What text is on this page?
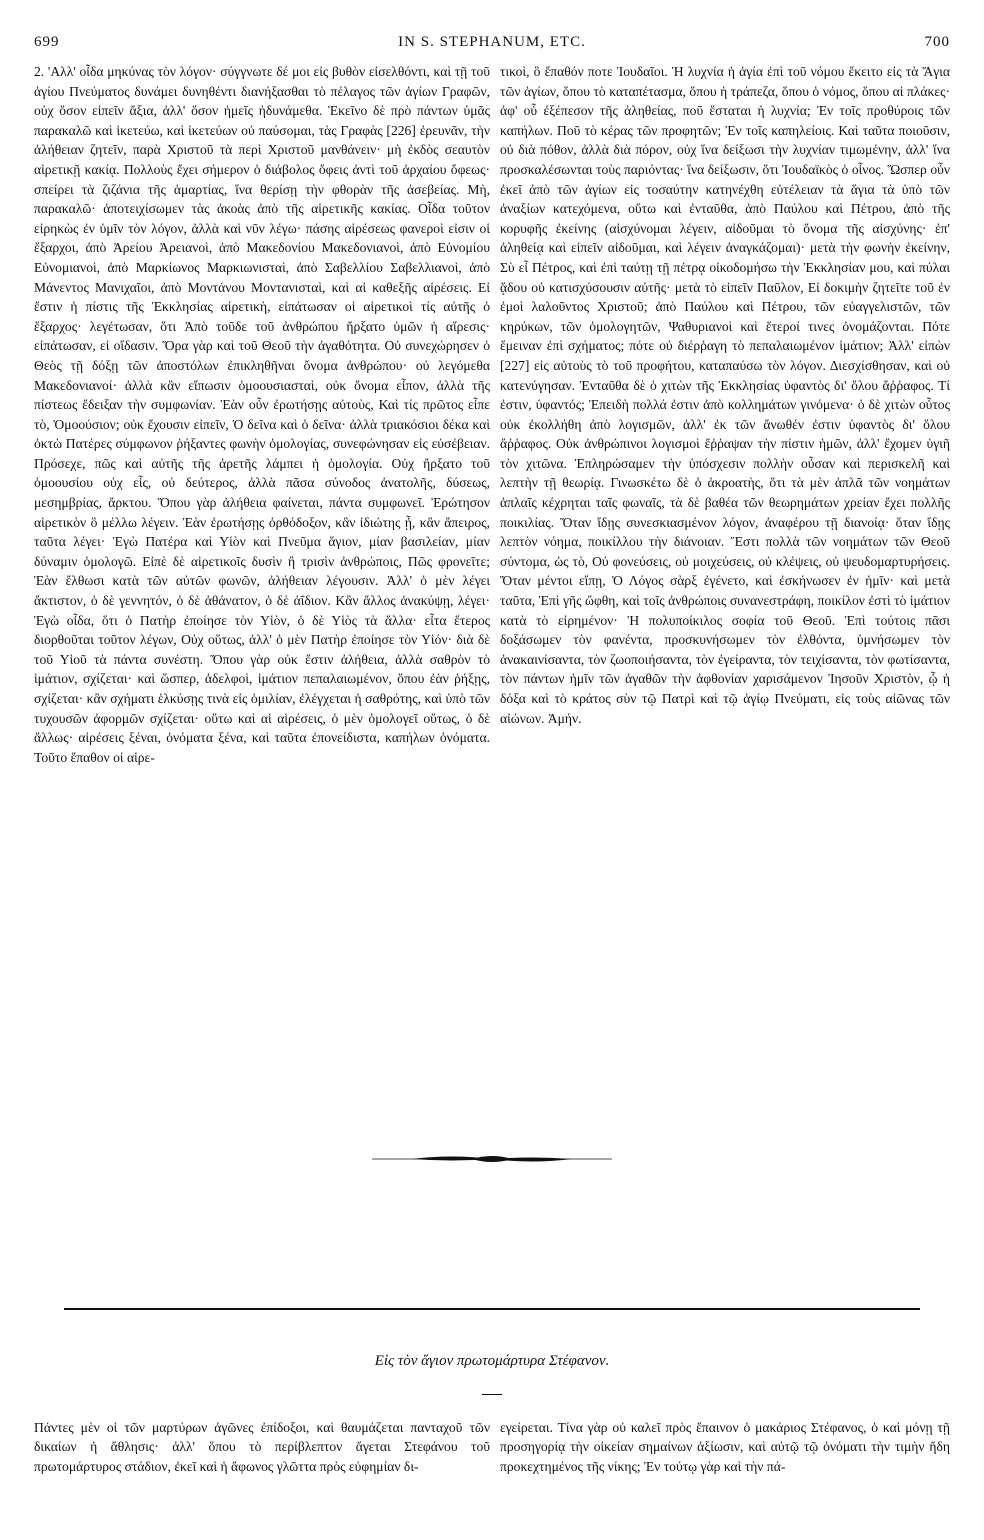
699	IN S. STEPHANUM, ETC.	700

2. 'Αλλ' οἶδα μηκύνας τὸν λόγον· σύγγνωτε δέ μοι εἰς βυθὸν εἰσελθόντι, καὶ τῇ τοῦ ἁγίου Πνεύματος δυνάμει δυνηθέντι διανήξασθαι τὸ πέλαγος τῶν ἁγίων Γραφῶν, οὐχ ὅσον εἰπεῖν ἄξια, ἀλλ' ὅσον ἡμεῖς ἠδυνάμεθα. Ἐκεῖνο δὲ πρὸ πάντων ὑμᾶς παρακαλῶ καὶ ἱκετεύω, καὶ ἱκετεύων οὐ παύσομαι, τὰς Γραφὰς [226] ἐρευνᾶν, τὴν ἀλήθειαν ζητεῖν, παρὰ Χριστοῦ τὰ περὶ Χριστοῦ μανθάνειν· μὴ ἐκδὸς σεαυτὸν αἱρετικῇ κακίᾳ. Πολλοὺς ἔχει σήμερον ὁ διάβολος ὄφεις ἀντὶ τοῦ ἀρχαίου ὄφεως· σπείρει τὰ ζιζάνια τῆς ἁμαρτίας, ἵνα θερίσῃ τὴν φθορὰν τῆς ἀσεβείας. Μὴ, παρακαλῶ· ἀποτειχίσωμεν τὰς ἀκοὰς ἀπὸ τῆς αἱρετικῆς κακίας. Οἶδα τοῦτον εἰρηκὼς ἐν ὑμῖν τὸν λόγον, ἀλλὰ καὶ νῦν λέγω· πάσης αἱρέσεως φανεροὶ εἰσιν οἱ ἔξαρχοι, ἀπὸ Ἀρείου Ἀρειανοὶ, ἀπὸ Μακεδονίου Μακεδονιανοὶ, ἀπὸ Εὐνομίου Εὐνομιανοὶ, ἀπὸ Μαρκίωνος Μαρκιωνισταὶ, ἀπὸ Σαβελλίου Σαβελλιανοὶ, ἀπὸ Μάνεντος Μανιχαῖοι, ἀπὸ Μοντάνου Μοντανισταὶ, καὶ αἱ καθεξῆς αἱρέσεις. Εἰ ἔστιν ἡ πίστις τῆς Ἐκκλησίας αἱρετικὴ, εἰπάτωσαν οἱ αἱρετικοὶ τίς αὐτῆς ὁ ἔξαρχος· λεγέτωσαν, ὅτι Ἀπὸ τοῦδε τοῦ ἀνθρώπου ἤρξατο ὑμῶν ἡ αἵρεσις· εἰπάτωσαν, εἰ οἴδασιν. Ὅρα γὰρ καὶ τοῦ Θεοῦ τὴν ἀγαθότητα. Οὐ συνεχώρησεν ὁ Θεὸς τῇ δόξῃ τῶν ἀποστόλων ἐπικληθῆναι ὄνομα ἀνθρώπου· οὐ λεγόμεθα Μακεδονιανοί· ἀλλὰ κἂν εἴπωσιν ὁμοουσιασταὶ, οὐκ ὄνομα εἶπον, ἀλλὰ τῆς πίστεως ἔδειξαν τὴν συμφωνίαν. Ἐὰν οὖν ἐρωτήσῃς αὐτοὺς, Καὶ τίς πρῶτος εἶπε τὸ, Ὁμοούσιον; οὐκ ἔχουσιν εἰπεῖν, Ὁ δεῖνα καὶ ὁ δεῖνα· ἀλλὰ τριακόσιοι δέκα καὶ ὀκτὼ Πατέρες σύμφωνον ῥήξαντες φωνὴν ὁμολογίας, συνεφώνησαν εἰς εὐσέβειαν. Πρόσεχε, πῶς καὶ αὐτῆς τῆς ἀρετῆς λάμπει ἡ ὁμολογία. Οὐχ ἤρξατο τοῦ ὁμοουσίου οὐχ εἷς, οὐ δεύτερος, ἀλλὰ πᾶσα σύνοδος ἀνατολῆς, δύσεως, μεσημβρίας, ἄρκτου. Ὅπου γὰρ ἀλήθεια φαίνεται, πάντα συμφωνεῖ. Ἐρώτησον αἱρετικὸν ὃ μέλλω λέγειν. Ἐὰν ἐρωτήσῃς ὀρθόδοξον, κἂν ἰδιώτης ᾖ, κἂν ἄπειρος, ταῦτα λέγει· Ἐγὼ Πατέρα καὶ Υἱὸν καὶ Πνεῦμα ἅγιον, μίαν βασιλείαν, μίαν δύναμιν ὁμολογῶ. Εἰπὲ δὲ αἱρετικοῖς δυσὶν ἢ τρισὶν ἀνθρώποις, Πῶς φρονεῖτε; Ἐὰν ἔλθωσι κατὰ τῶν αὐτῶν φωνῶν, ἀλήθειαν λέγουσιν. Ἀλλ' ὁ μὲν λέγει ἄκτιστον, ὁ δὲ γεννητόν, ὁ δὲ ἀθάνατον, ὁ δὲ ἀΐδιον. Κἂν ἄλλος ἀνακύψῃ, λέγει· Ἐγὼ οἶδα, ὅτι ὁ Πατὴρ ἐποίησε τὸν Υἱὸν, ὁ δὲ Υἱὸς τὰ ἄλλα· εἶτα ἕτερος διορθοῦται τοῦτον λέγων, Οὐχ οὕτως, ἀλλ' ὁ μὲν Πατὴρ ἐποίησε τὸν Υἱόν· διὰ δὲ τοῦ Υἱοῦ τὰ πάντα συνέστη. Ὅπου γὰρ οὐκ ἔστιν ἀλήθεια, ἀλλὰ σαθρὸν τὸ ἱμάτιον, σχίζεται· καὶ ὥσπερ, ἀδελφοὶ, ἱμάτιον πεπαλαιωμένον, ὅπου ἐὰν ῥήξῃς, σχίζεται· κἂν σχήματι ἑλκύσῃς τινὰ εἰς ὁμιλίαν, ἐλέγχεται ἡ σαθρότης, καὶ ὑπὸ τῶν τυχουσῶν ἀφορμῶν σχίζεται· οὕτω καὶ αἱ αἱρέσεις, ὁ μὲν ὁμολογεῖ οὕτως, ὁ δὲ ἄλλως· αἱρέσεις ξέναι, ὀνόματα ξένα, καὶ ταῦτα ἐπονείδιστα, καπήλων ὀνόματα. Τοῦτο ἔπαθον οἱ αἱρε-

τικοὶ, ὃ ἔπαθόν ποτε Ἰουδαῖοι. Ἡ λυχνία ἡ ἁγία ἐπὶ τοῦ νόμου ἔκειτο εἰς τὰ Ἅγια τῶν ἁγίων, ὅπου τὸ καταπέτασμα, ὅπου ἡ τράπεζα, ὅπου ὁ νόμος, ὅπου αἱ πλάκες· ἀφ' οὗ ἐξέπεσον τῆς ἀληθείας, ποῦ ἕσταται ἡ λυχνία; Ἐν τοῖς προθύροις τῶν καπήλων. Ποῦ τὸ κέρας τῶν προφητῶν; Ἐν τοῖς καπηλείοις. Καὶ ταῦτα ποιοῦσιν, οὐ διὰ πόθον, ἀλλὰ διὰ πόρον, οὐχ ἵνα δείξωσι τὴν λυχνίαν τιμωμένην, ἀλλ' ἵνα προσκαλέσωνται τοὺς παριόντας· ἵνα δείξωσιν, ὅτι Ἰουδαϊκὸς ὁ οἶνος. Ὥσπερ οὖν ἐκεῖ ἀπὸ τῶν ἁγίων εἰς τοσαύτην κατηνέχθη εὐτέλειαν τὰ ἅγια τὰ ὑπὸ τῶν ἀναξίων κατεχόμενα, οὕτω καὶ ἐνταῦθα, ἀπὸ Παύλου καὶ Πέτρου, ἀπὸ τῆς κορυφῆς ἐκείνης (αἰσχύνομαι λέγειν, αἰδοῦμαι τὸ ὄνομα τῆς αἰσχύνης· ἐπ' ἀληθείᾳ καὶ εἰπεῖν αἰδοῦμαι, καὶ λέγειν ἀναγκάζομαι)· μετὰ τὴν φωνὴν ἐκείνην, Σὺ εἶ Πέτρος, καὶ ἐπὶ ταύτῃ τῇ πέτρᾳ οἰκοδομήσω τὴν Ἐκκλησίαν μου, καὶ πύλαι ᾅδου οὐ κατισχύσουσιν αὐτῆς· μετὰ τὸ εἰπεῖν Παῦλον, Εἰ δοκιμὴν ζητεῖτε τοῦ ἐν ἐμοὶ λαλοῦντος Χριστοῦ; ἀπὸ Παύλου καὶ Πέτρου, τῶν εὐαγγελιστῶν, τῶν κηρύκων, τῶν ὁμολογητῶν, Ψαθυριανοὶ καὶ ἕτεροί τινες ὀνομάζονται. Πότε ἔμειναν ἐπὶ σχήματος; πότε οὐ διέρῥαγη τὸ πεπαλαιωμένον ἱμάτιον; Ἀλλ' εἰπὼν [227] εἰς αὐτοὺς τὸ τοῦ προφήτου, καταπαύσω τὸν λόγον. Διεσχίσθησαν, καὶ οὐ κατενύγησαν. Ἐνταῦθα δὲ ὁ χιτὼν τῆς Ἐκκλησίας ὑφαντὸς δι' ὅλου ἄῤῥαφος. Τί ἐστιν, ὑφαντός; Ἐπειδὴ πολλά ἐστιν ἀπὸ κολλημάτων γινόμενα· ὁ δὲ χιτὼν οὗτος οὐκ ἐκολλήθη ἀπὸ λογισμῶν, ἀλλ' ἐκ τῶν ἄνωθέν ἐστιν ὑφαντὸς δι' ὅλου ἄῤῥαφος. Οὐκ ἀνθρώπινοι λογισμοὶ ἔῤῥαψαν τὴν πίστιν ἡμῶν, ἀλλ' ἔχομεν ὑγιῆ τὸν χιτῶνα. Ἐπληρώσαμεν τὴν ὑπόσχεσιν πολλὴν οὖσαν καὶ περισκελῆ καὶ λεπτὴν τῇ θεωρίᾳ. Γινωσκέτω δὲ ὁ ἀκροατὴς, ὅτι τὰ μὲν ἁπλᾶ τῶν νοημάτων ἁπλαῖς κέχρηται ταῖς φωναῖς, τὰ δὲ βαθέα τῶν θεωρημάτων χρείαν ἔχει πολλῆς ποικιλίας. Ὅταν ἴδῃς συνεσκιασμένον λόγον, ἀναφέρου τῇ διανοίᾳ· ὅταν ἴδῃς λεπτὸν νόημα, ποικίλλου τὴν διάνοιαν. Ἔστι πολλὰ τῶν νοημάτων τῶν Θεοῦ σύντομα, ὡς τὸ, Οὐ φονεύσεις, οὐ μοιχεύσεις, οὐ κλέψεις, οὐ ψευδομαρτυρήσεις. Ὅταν μέντοι εἴπῃ, Ὁ Λόγος σὰρξ ἐγένετο, καὶ ἐσκήνωσεν ἐν ἡμῖν· καὶ μετὰ ταῦτα, Ἐπὶ γῆς ὤφθη, καὶ τοῖς ἀνθρώποις συνανεστράφη, ποικίλον ἐστὶ τὸ ἱμάτιον κατὰ τὸ εἰρημένον· Ἡ πολυποίκιλος σοφία τοῦ Θεοῦ. Ἐπὶ τούτοις πᾶσι δοξάσωμεν τὸν φανέντα, προσκυνήσωμεν τὸν ἐλθόντα, ὑμνήσωμεν τὸν ἀνακαινίσαντα, τὸν ζωοποιήσαντα, τὸν ἐγείραντα, τὸν τειχίσαντα, τὸν φωτίσαντα, τὸν πάντων ἡμῖν τῶν ἀγαθῶν τὴν ἀφθονίαν χαρισάμενον Ἰησοῦν Χριστὸν, ᾧ ἡ δόξα καὶ τὸ κράτος σὺν τῷ Πατρὶ καὶ τῷ ἁγίῳ Πνεύματι, εἰς τοὺς αἰῶνας τῶν αἰώνων. Ἀμήν.

Εἰς τὸν ἅγιον πρωτομάρτυρα Στέφανον.

Πάντες μὲν οἱ τῶν μαρτύρων ἀγῶνες ἐπίδοξοι, καὶ θαυμάζεται πανταχοῦ τῶν δικαίων ἡ ἄθλησις· ἀλλ' ὅπου τὸ περίβλεπτον ἄγεται Στεφάνου τοῦ πρωτομάρτυρος στάδιον, ἐκεῖ καὶ ἡ ἄφωνος γλῶττα πρὸς εὐφημίαν δι-

εγείρεται. Τίνα γὰρ οὐ καλεῖ πρὸς ἔπαινον ὁ μακάριος Στέφανος, ὁ καὶ μόνῃ τῇ προσηγορίᾳ τὴν οἰκείαν σημαίνων ἀξίωσιν, καὶ αὐτῷ τῷ ὀνόματι τὴν τιμὴν ἤδη προκεχτημένος τῆς νίκης; Ἐν τούτῳ γὰρ καὶ τὴν πά-
